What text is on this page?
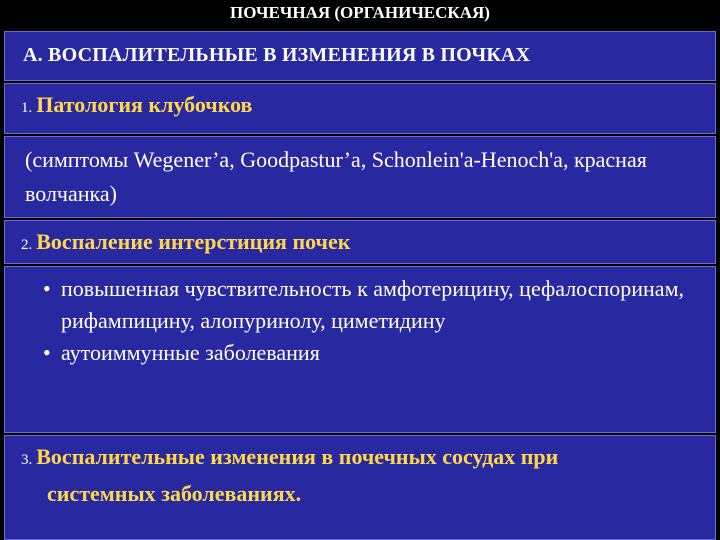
ПОЧЕЧНАЯ (ОРГАНИЧЕСКАЯ)
А. ВОСПАЛИТЕЛЬНЫЕ В ИЗМЕНЕНИЯ В ПОЧКАХ
1. Патология клубочков
(симптомы Wegener’a, Goodpastur’a, Schonlein'a-Henoch'a, красная волчанка)
2. Воспаление интерстиция почек
• повышенная чувствительность к амфотерицину, цефалоспоринам, рифампицину, алопуринолу, циметидину
• аутоиммунные заболевания
3. Воспалительные изменения в почечных сосудах при
системных заболеваниях.
